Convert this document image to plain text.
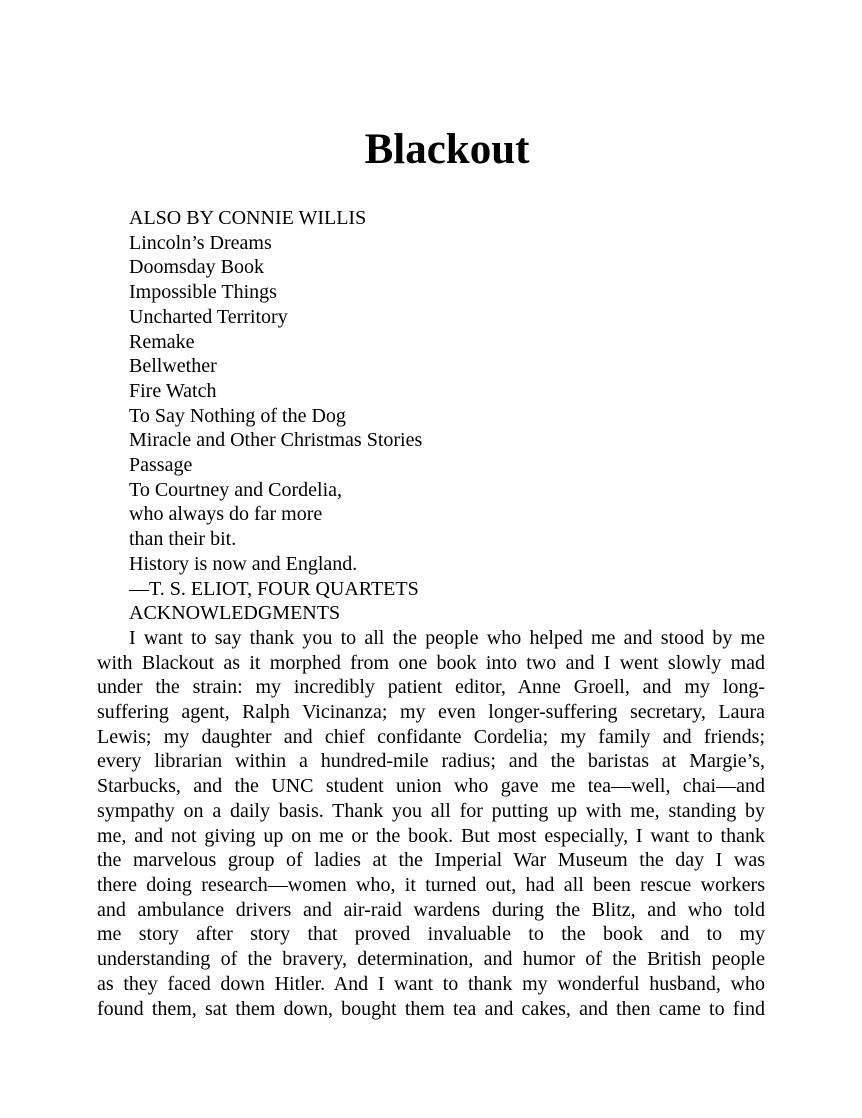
Blackout
ALSO BY CONNIE WILLIS
Lincoln’s Dreams
Doomsday Book
Impossible Things
Uncharted Territory
Remake
Bellwether
Fire Watch
To Say Nothing of the Dog
Miracle and Other Christmas Stories
Passage
To Courtney and Cordelia,
who always do far more
than their bit.
History is now and England.
—T. S. ELIOT, FOUR QUARTETS
ACKNOWLEDGMENTS
I want to say thank you to all the people who helped me and stood by me
with Blackout as it morphed from one book into two and I went slowly mad
under the strain: my incredibly patient editor, Anne Groell, and my long-
suffering agent, Ralph Vicinanza; my even longer-suffering secretary, Laura
Lewis; my daughter and chief confidante Cordelia; my family and friends;
every librarian within a hundred-mile radius; and the baristas at Margie’s,
Starbucks, and the UNC student union who gave me tea—well, chai—and
sympathy on a daily basis. Thank you all for putting up with me, standing by
me, and not giving up on me or the book. But most especially, I want to thank
the marvelous group of ladies at the Imperial War Museum the day I was
there doing research—women who, it turned out, had all been rescue workers
and ambulance drivers and air-raid wardens during the Blitz, and who told
me story after story that proved invaluable to the book and to my
understanding of the bravery, determination, and humor of the British people
as they faced down Hitler. And I want to thank my wonderful husband, who
found them, sat them down, bought them tea and cakes, and then came to find
